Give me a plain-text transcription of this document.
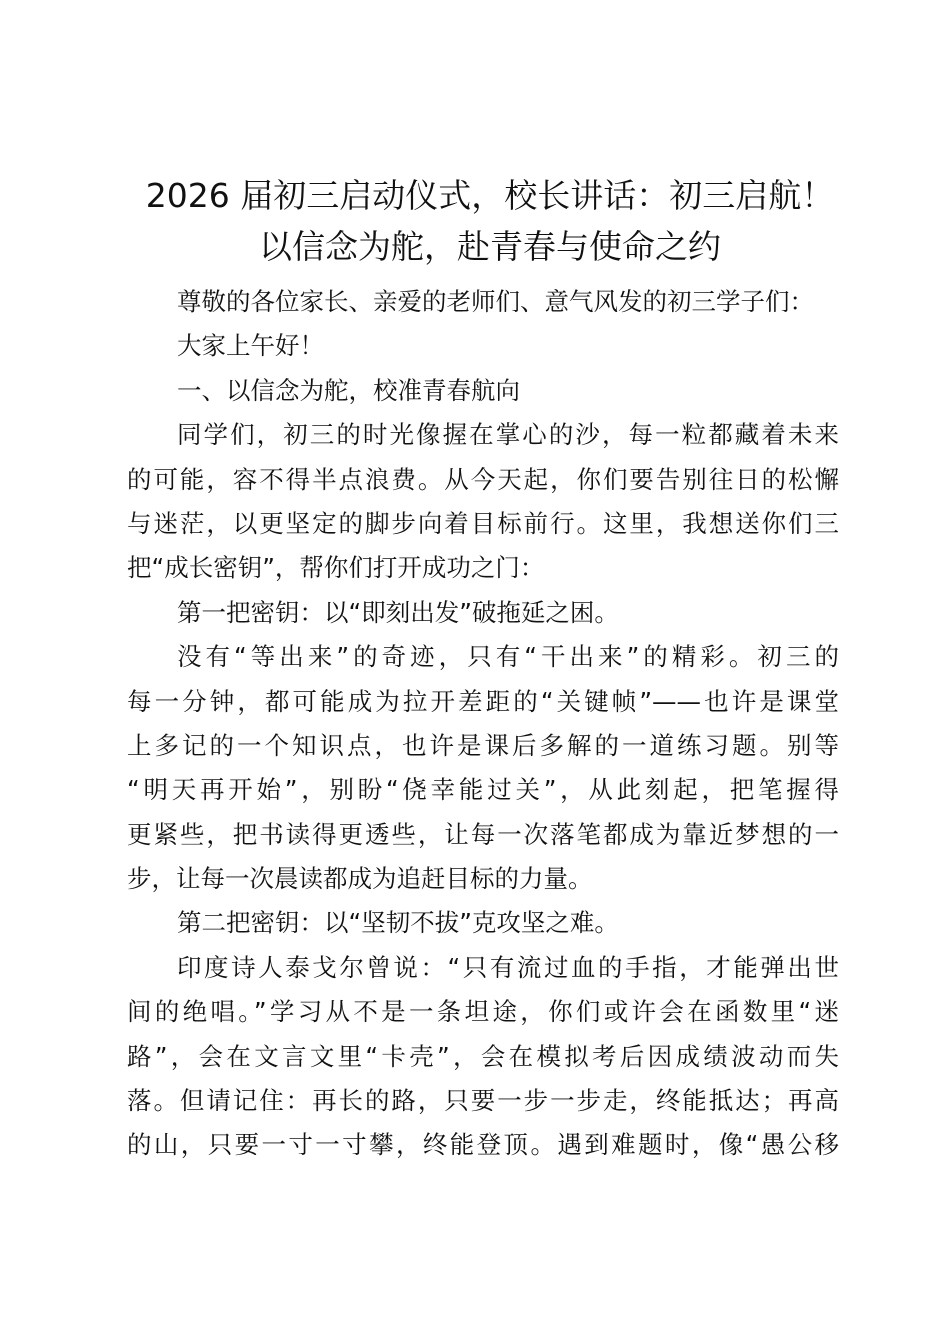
2026 届初三启动仪式，校长讲话：初三启航！
以信念为舵，赴青春与使命之约
尊敬的各位家长、亲爱的老师们、意气风发的初三学子们：
大家上午好！
一、以信念为舵，校准青春航向
同学们，初三的时光像握在掌心的沙，每一粒都藏着未来
的可能，容不得半点浪费。从今天起，你们要告别往日的松懈
与迷茫，以更坚定的脚步向着目标前行。这里，我想送你们三
把“成长密钥”，帮你们打开成功之门：
第一把密钥：以“即刻出发”破拖延之困。
没有“等出来”的奇迹，只有“干出来”的精彩。初三的
每一分钟，都可能成为拉开差距的“关键帧”——也许是课堂
上多记的一个知识点，也许是课后多解的一道练习题。别等
“明天再开始”，别盼“侥幸能过关”，从此刻起，把笔握得
更紧些，把书读得更透些，让每一次落笔都成为靠近梦想的一
步，让每一次晨读都成为追赶目标的力量。
第二把密钥：以“坚韧不拔”克攻坚之难。
印度诗人泰戈尔曾说：“只有流过血的手指，才能弹出世
间的绝唱。”学习从不是一条坦途，你们或许会在函数里“迷
路”，会在文言文里“卡壳”，会在模拟考后因成绩波动而失
落。但请记住：再长的路，只要一步一步走，终能抵达；再高
的山，只要一寸一寸攀，终能登顶。遇到难题时，像“愚公移
